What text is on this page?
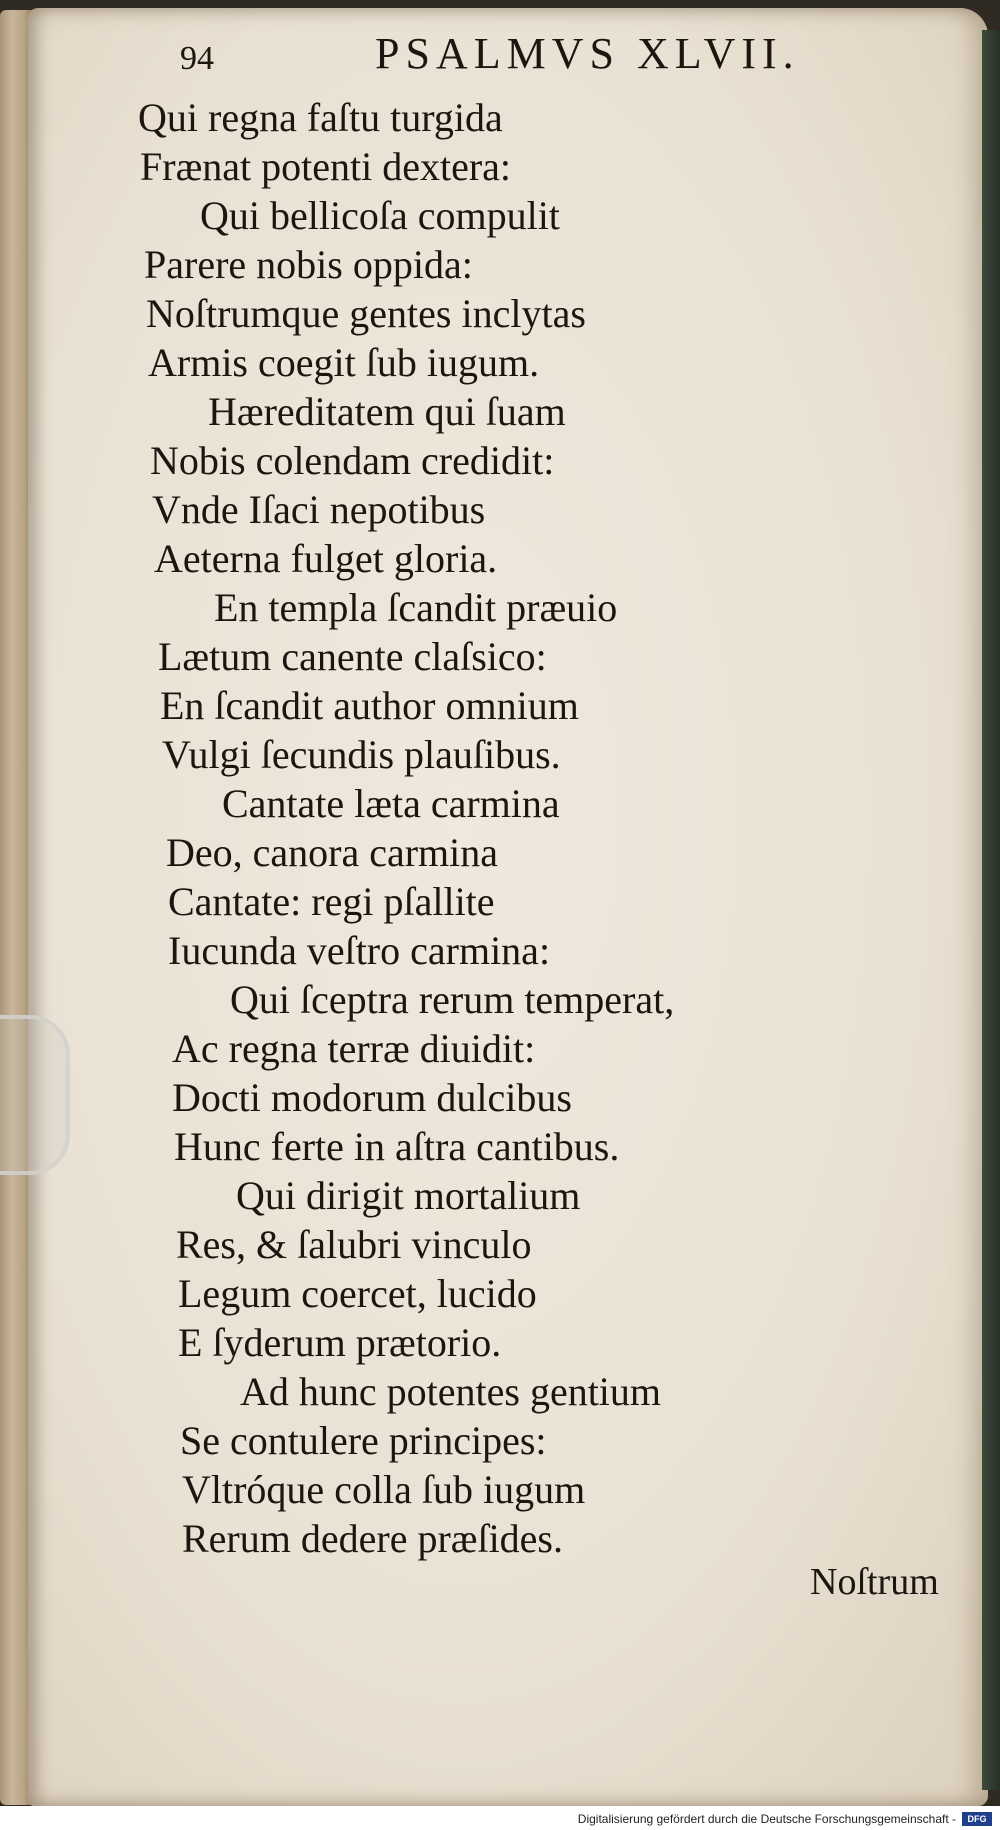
94	PSALMVS XLVII.
Qui regna faſtu turgida
Frænat potenti dextera:
Qui bellicoſa compulit
Parere nobis oppida:
Noſtrumque gentes inclytas
Armis coegit ſub iugum.
Hæreditatem qui ſuam
Nobis colendam credidit:
Vnde Iſaci nepotibus
Aeterna fulget gloria.
En templa ſcandit præuio
Lætum canente claſsico:
En ſcandit author omnium
Vulgi ſecundis plauſibus.
Cantate læta carmina
Deo, canora carmina
Cantate: regi pſallite
Iucunda veſtro carmina:
Qui ſceptra rerum temperat,
Ac regna terræ diuidit:
Docti modorum dulcibus
Hunc ferte in aſtra cantibus.
Qui dirigit mortalium
Res, & ſalubri vinculo
Legum coercet, lucido
E ſyderum prætorio.
Ad hunc potentes gentium
Se contulere principes:
Vltróque colla ſub iugum
Rerum dedere præſides.
Noſtrum
Digitalisierung gefördert durch die Deutsche Forschungsgemeinschaft -	DFG
